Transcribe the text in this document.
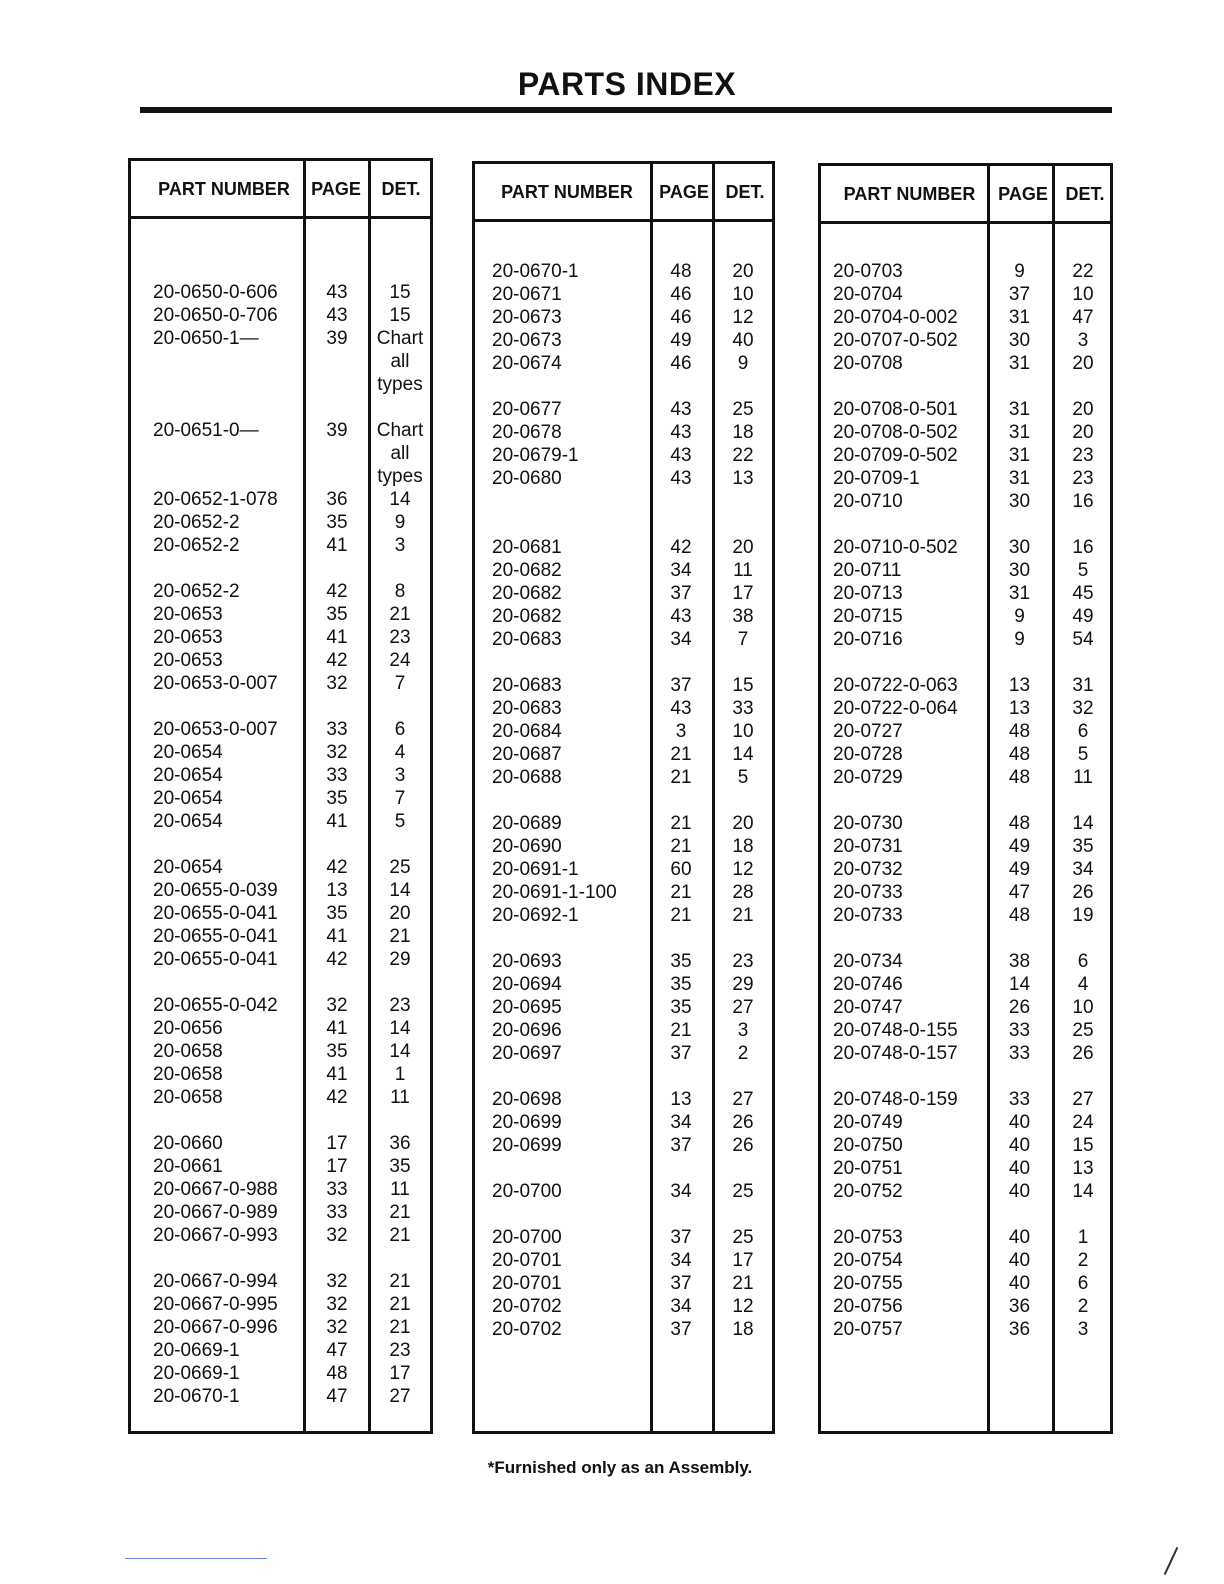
PARTS INDEX
PART NUMBER	PAGE	DET.
20-0650-0-606	43	15
20-0650-0-706	43	15
20-0650-1—	39	Chart
all
types
20-0651-0—	39	Chart
all
types
20-0652-1-078	36	14
20-0652-2	35	9
20-0652-2	41	3
20-0652-2	42	8
20-0653	35	21
20-0653	41	23
20-0653	42	24
20-0653-0-007	32	7
20-0653-0-007	33	6
20-0654	32	4
20-0654	33	3
20-0654	35	7
20-0654	41	5
20-0654	42	25
20-0655-0-039	13	14
20-0655-0-041	35	20
20-0655-0-041	41	21
20-0655-0-041	42	29
20-0655-0-042	32	23
20-0656	41	14
20-0658	35	14
20-0658	41	1
20-0658	42	11
20-0660	17	36
20-0661	17	35
20-0667-0-988	33	11
20-0667-0-989	33	21
20-0667-0-993	32	21
20-0667-0-994	32	21
20-0667-0-995	32	21
20-0667-0-996	32	21
20-0669-1	47	23
20-0669-1	48	17
20-0670-1	47	27
PART NUMBER	PAGE DET.
20-0670-1	48	20
20-0671	46	10
20-0673	46	12
20-0673	49	40
20-0674	46	9
20-0677	43	25
20-0678	43	18
20-0679-1	43	22
20-0680	43	13
20-0681	42	20
20-0682	34	11
20-0682	37	17
20-0682	43	38
20-0683	34	7
20-0683	37	15
20-0683	43	33
20-0684	3	10
20-0687	21	14
20-0688	21	5
20-0689	21	20
20-0690	21	18
20-0691-1	60	12
20-0691-1-100	21	28
20-0692-1	21	21
20-0693	35	23
20-0694	35	29
20-0695	35	27
20-0696	21	3
20-0697	37	2
20-0698	13	27
20-0699	34	26
20-0699	37	26
20-0700	34	25
20-0700	37	25
20-0701	34	17
20-0701	37	21
20-0702	34	12
20-0702	37	18
PART NUMBER	PAGE DET.
20-0703	9	22
20-0704	37	10
20-0704-0-002	31	47
20-0707-0-502	30	3
20-0708	31	20
20-0708-0-501	31	20
20-0708-0-502	31	20
20-0709-0-502	31	23
20-0709-1	31	23
20-0710	30	16
20-0710-0-502	30	16
20-0711	30	5
20-0713	31	45
20-0715	9	49
20-0716	9	54
20-0722-0-063	13	31
20-0722-0-064	13	32
20-0727	48	6
20-0728	48	5
20-0729	48	11
20-0730	48	14
20-0731	49	35
20-0732	49	34
20-0733	47	26
20-0733	48	19
20-0734	38	6
20-0746	14	4
20-0747	26	10
20-0748-0-155	33	25
20-0748-0-157	33	26
20-0748-0-159	33	27
20-0749	40	24
20-0750	40	15
20-0751	40	13
20-0752	40	14
20-0753	40	1
20-0754	40	2
20-0755	40	6
20-0756	36	2
20-0757	36	3
*Furnished only as an Assembly.
